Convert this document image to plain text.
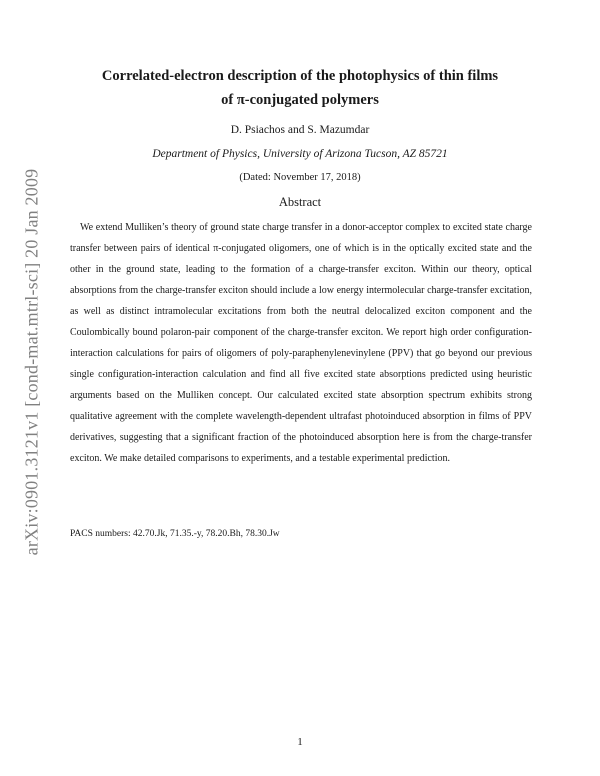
Correlated-electron description of the photophysics of thin films
of π-conjugated polymers
D. Psiachos and S. Mazumdar
Department of Physics, University of Arizona Tucson, AZ 85721
(Dated: November 17, 2018)
Abstract

We extend Mulliken’s theory of ground state charge transfer in a donor-acceptor complex to excited state charge transfer between pairs of identical π-conjugated oligomers, one of which is in the optically excited state and the other in the ground state, leading to the formation of a charge-transfer exciton. Within our theory, optical absorptions from the charge-transfer exciton should include a low energy intermolecular charge-transfer excitation, as well as distinct intramolecular excitations from both the neutral delocalized exciton component and the Coulombically bound polaron-pair component of the charge-transfer exciton. We report high order configuration-interaction calculations for pairs of oligomers of poly-paraphenylenevinylene (PPV) that go beyond our previous single configuration-interaction calculation and find all five excited state absorptions predicted using heuristic arguments based on the Mulliken concept. Our calculated excited state absorption spectrum exhibits strong qualitative agreement with the complete wavelength-dependent ultrafast photoinduced absorption in films of PPV derivatives, suggesting that a significant fraction of the photoinduced absorption here is from the charge-transfer exciton. We make detailed comparisons to experiments, and a testable experimental prediction.

PACS numbers: 42.70.Jk, 71.35.-y, 78.20.Bh, 78.30.Jw
arXiv:0901.3121v1 [cond-mat.mtrl-sci] 20 Jan 2009
1
